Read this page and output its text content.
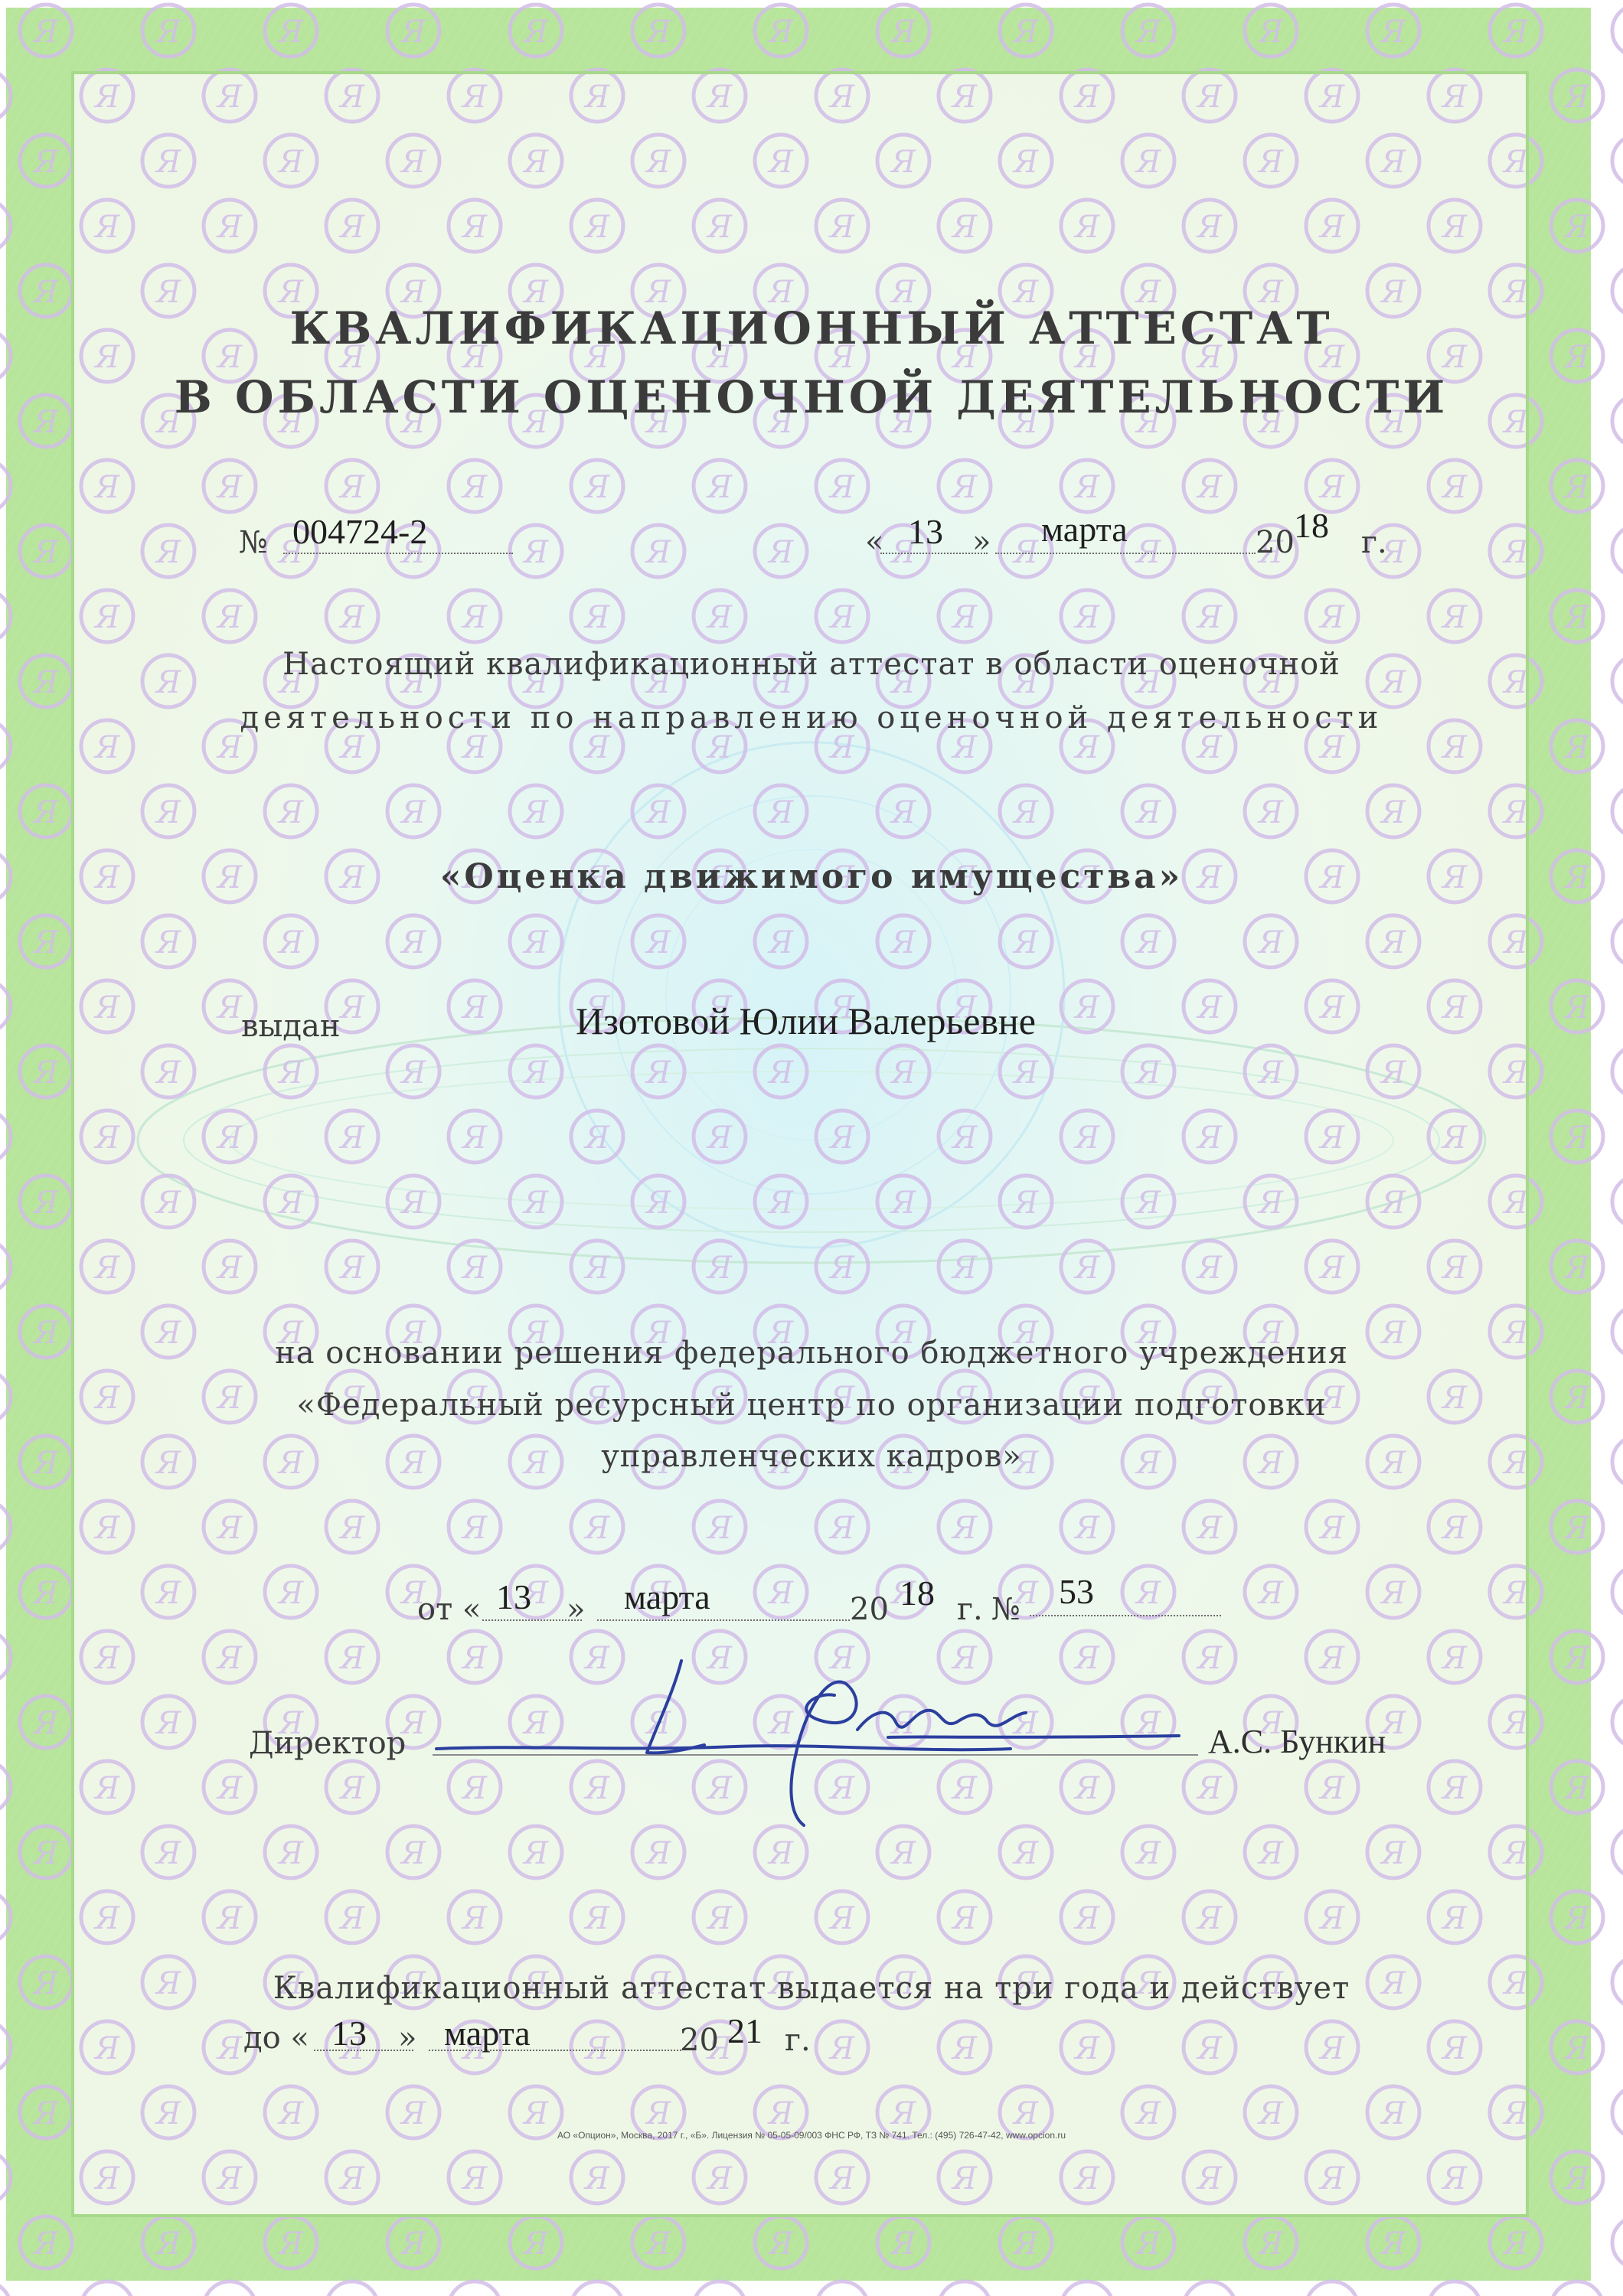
КВАЛИФИКАЦИОННЫЙ АТТЕСТАТ
В ОБЛАСТИ ОЦЕНОЧНОЙ ДЕЯТЕЛЬНОСТИ
№ 004724-2	« 13 » марта	20 18 г.
Настоящий квалификационный аттестат в области оценочной
деятельности по направлению оценочной деятельности
«Оценка движимого имущества»
выдан	Изотовой Юлии Валерьевне
на основании решения федерального бюджетного учреждения
«Федеральный ресурсный центр по организации подготовки
управленческих кадров»
от « 13 » марта	20 18 г. № 53
Директор	А.С. Бункин
Квалификационный аттестат выдается на три года и действует
до « 13 » марта	20 21 г.
АО «Опцион», Москва, 2017 г., «Б». Лицензия № 05-05-09/003 ФНС РФ, ТЗ № 741. Тел.: (495) 726-47-42, www.opcion.ru
